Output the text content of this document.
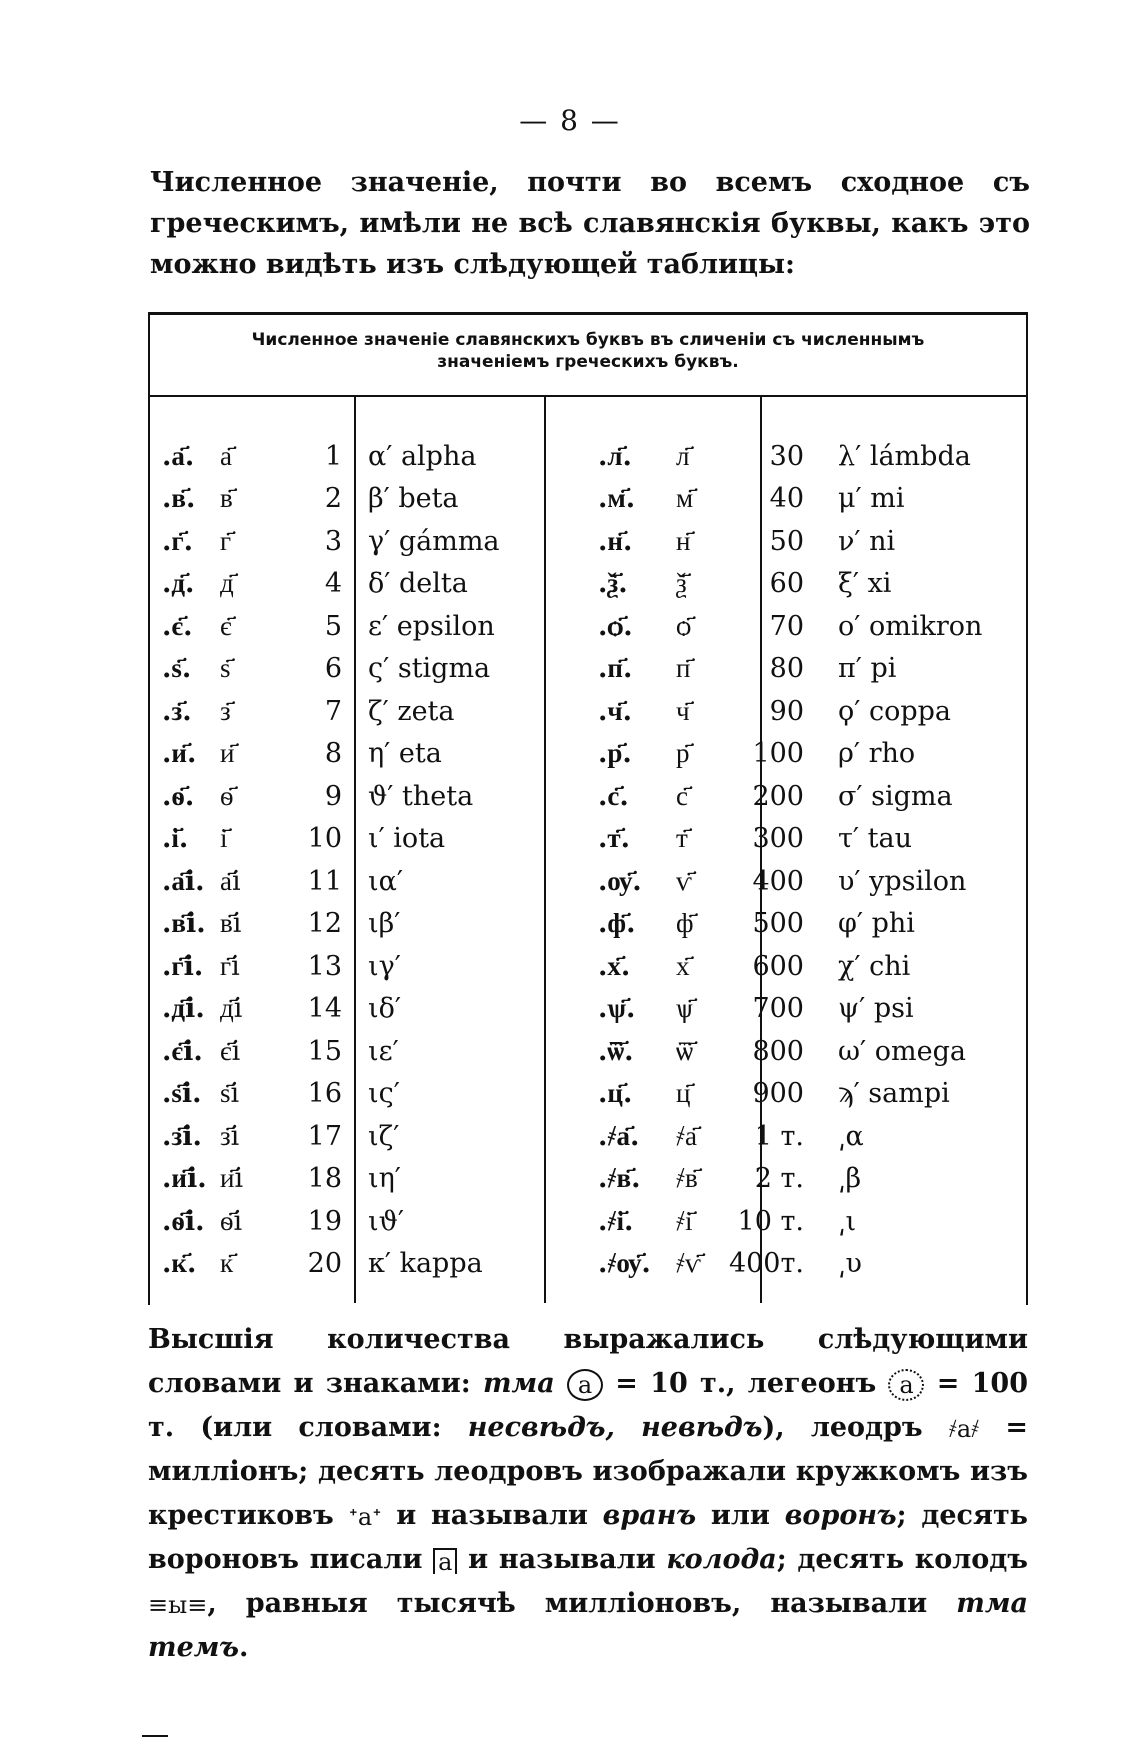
— 8 —
Численное значеніе, почти во всемъ сходное съ греческимъ, имѣли не всѣ славянскія буквы, какъ это можно видѣть изъ слѣдующей таблицы:
Численное значеніе славянскихъ буквъ въ сличеніи съ численнымъ
значеніемъ греческихъ буквъ.
.а҃.	а҃	1	α′ alpha
.в҃.	в҃	2	β′ beta
.г҃.	г҃	3	γ′ gámma
.д҃.	д҃	4	δ′ delta
.є҃.	є҃	5	ε′ epsilon
.ѕ҃.	ѕ҃	6	ς′ stigma
.з҃.	з҃	7	ζ′ zeta
.и҃.	и҃	8	η′ eta
.ѳ҃.	ѳ҃	9	ϑ′ theta
.і҃.	і҃	10	ι′ iota
.а҃і.	а҃і	11	ια′
.в҃і.	в҃і	12	ιβ′
.г҃і.	г҃і	13	ιγ′
.д҃і.	д҃і	14	ιδ′
.є҃і.	є҃і	15	ιε′
.ѕ҃і.	ѕ҃і	16	ις′
.з҃і.	з҃і	17	ιζ′
.и҃і.	и҃і	18	ιη′
.ѳ҃і.	ѳ҃і	19	ιϑ′
.к҃.	к҃	20	κ′ kappa
.л҃.	л҃	30	λ′ lámbda
.м҃.	м҃	40	μ′ mi
.н҃.	н҃	50	ν′ ni
.ѯ҃.	ѯ҃	60	ξ′ xi
.ѻ҃.	ѻ҃	70	ο′ omikron
.п҃.	п҃	80	π′ pi
.ч҃.	ч҃	90	ϙ′ coppa
.р҃.	р҃	100	ρ′ rho
.с҃.	с҃	200	σ′ sigma
.т҃.	т҃	300	τ′ tau
.ѹ҃.	ѵ҃	400	υ′ ypsilon
.ф҃.	ф҃	500	φ′ phi
.х҃.	х҃	600	χ′ chi
.ѱ҃.	ѱ҃	700	ψ′ psi
.ѿ҃.	ѿ҃	800	ω′ omega
.ц҃.	ц҃	900	ϡ′ sampi
.҂а҃.	҂а҃	1 т.	͵α
.҂в҃.	҂в҃	2 т.	͵β
.҂і҃.	҂і҃	10 т.	͵ι
.҂ѹ҃.	҂ѵ҃	400т.	͵υ
Высшія количества выражались слѣдующими словами и знаками: тма а = 10 т., легеонъ а = 100 т. (или словами: несвѣдъ, невѣдъ), леодръ ҂а҂ = милліонъ; десять леодровъ изображали кружкомъ изъ крестиковъ ᐩаᐩ и называли вранъ или воронъ; десять вороновъ писали а и называли колода; десять колодъ ≡ы≡, равныя тысячѣ милліоновъ, называли тма темъ.
